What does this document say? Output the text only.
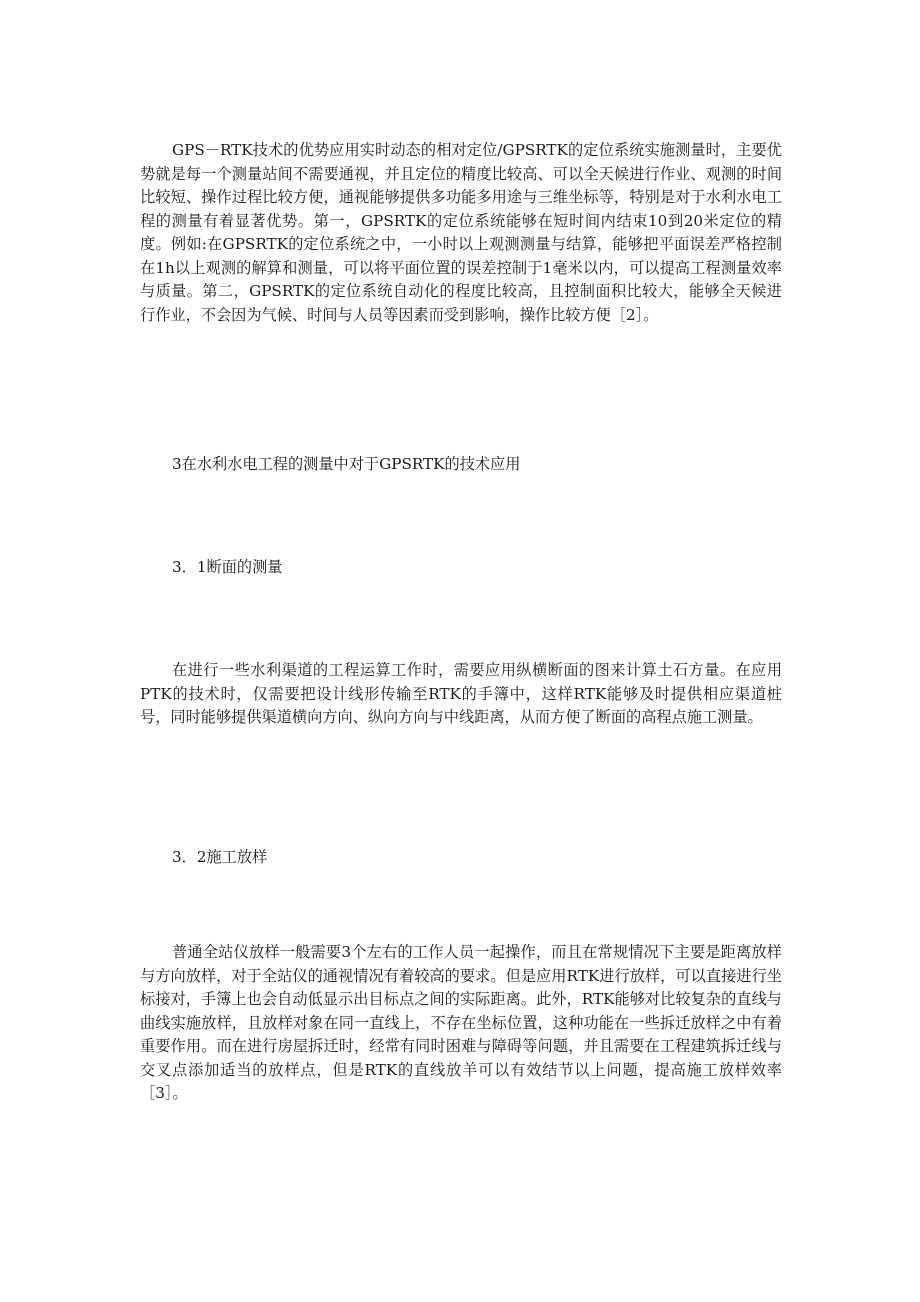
GPS－RTK技术的优势应用实时动态的相对定位/GPSRTK的定位系统实施测量时，主要优势就是每一个测量站间不需要通视，并且定位的精度比较高、可以全天候进行作业、观测的时间比较短、操作过程比较方便，通视能够提供多功能多用途与三维坐标等，特别是对于水利水电工程的测量有着显著优势。第一，GPSRTK的定位系统能够在短时间内结束10到20米定位的精度。例如:在GPSRTK的定位系统之中，一小时以上观测测量与结算，能够把平面误差严格控制在1h以上观测的解算和测量，可以将平面位置的误差控制于1毫米以内，可以提高工程测量效率与质量。第二，GPSRTK的定位系统自动化的程度比较高，且控制面积比较大，能够全天候进行作业，不会因为气候、时间与人员等因素而受到影响，操作比较方便［2］。

3在水利水电工程的测量中对于GPSRTK的技术应用
3．1断面的测量

在进行一些水利渠道的工程运算工作时，需要应用纵横断面的图来计算土石方量。在应用PTK的技术时，仅需要把设计线形传输至RTK的手簿中，这样RTK能够及时提供相应渠道桩号，同时能够提供渠道横向方向、纵向方向与中线距离，从而方便了断面的高程点施工测量。

3．2施工放样

普通全站仪放样一般需要3个左右的工作人员一起操作，而且在常规情况下主要是距离放样与方向放样，对于全站仪的通视情况有着较高的要求。但是应用RTK进行放样，可以直接进行坐标接对，手簿上也会自动低显示出目标点之间的实际距离。此外，RTK能够对比较复杂的直线与曲线实施放样，且放样对象在同一直线上，不存在坐标位置，这种功能在一些拆迁放样之中有着重要作用。而在进行房屋拆迁时，经常有同时困难与障碍等问题，并且需要在工程建筑拆迁线与交叉点添加适当的放样点，但是RTK的直线放羊可以有效结节以上问题，提高施工放样效率［3］。
